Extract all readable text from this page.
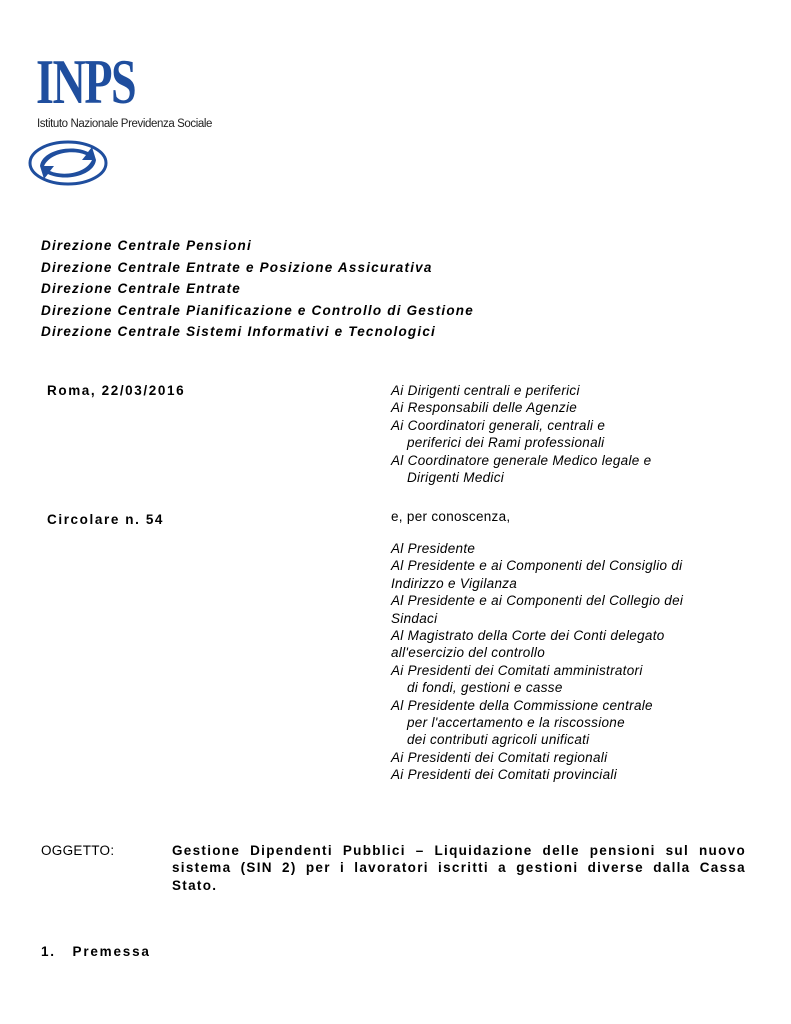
INPS
Istituto Nazionale Previdenza Sociale
Direzione Centrale Pensioni
Direzione Centrale Entrate e Posizione Assicurativa
Direzione Centrale Entrate
Direzione Centrale Pianificazione e Controllo di Gestione
Direzione Centrale Sistemi Informativi e Tecnologici
Roma, 22/03/2016
Circolare n. 54
Ai Dirigenti centrali e periferici
Ai Responsabili delle Agenzie
Ai Coordinatori generali, centrali e
periferici dei Rami professionali
Al Coordinatore generale Medico legale e
Dirigenti Medici
e, per conoscenza,
Al Presidente
Al Presidente e ai Componenti del Consiglio di
Indirizzo e Vigilanza
Al Presidente e ai Componenti del Collegio dei
Sindaci
Al Magistrato della Corte dei Conti delegato
all'esercizio del controllo
Ai Presidenti dei Comitati amministratori
di fondi, gestioni e casse
Al Presidente della Commissione centrale
per l'accertamento e la riscossione
dei contributi agricoli unificati
Ai Presidenti dei Comitati regionali
Ai Presidenti dei Comitati provinciali
OGGETTO:	Gestione Dipendenti Pubblici – Liquidazione delle pensioni sul nuovo sistema (SIN 2) per i lavoratori iscritti a gestioni diverse dalla Cassa Stato.
1.   Premessa
